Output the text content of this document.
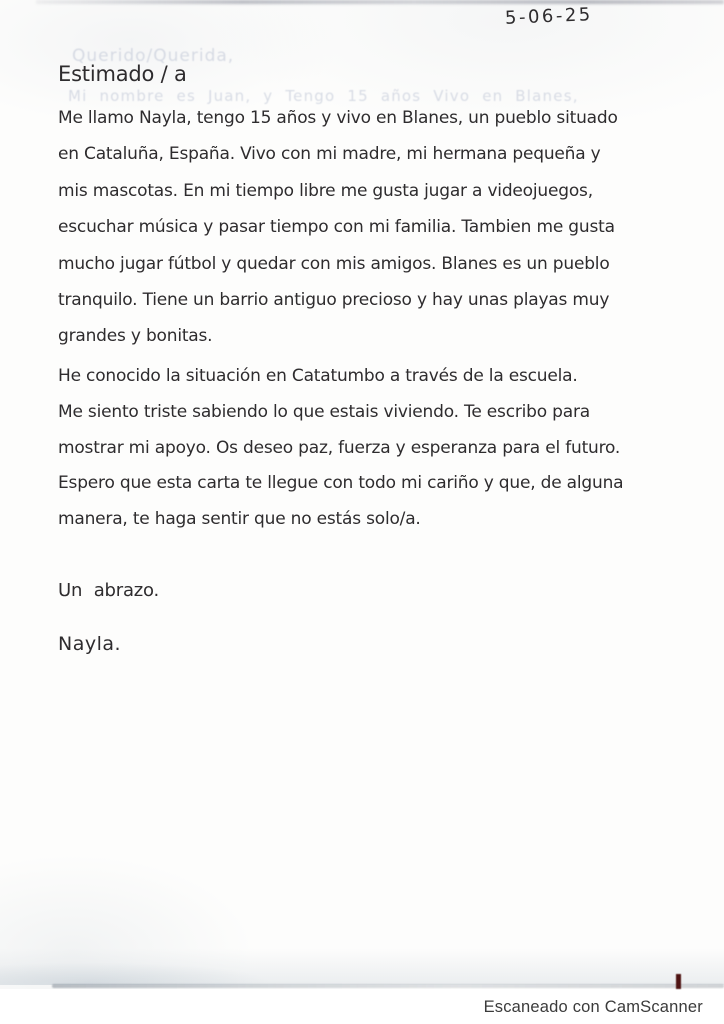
5-06-25
Querido/Querida,
Estimado / a
Mi nombre es Juan, y Tengo 15 años Vivo en Blanes,
Me llamo Nayla, tengo 15 años y vivo en Blanes, un pueblo situado
en Cataluña, España. Vivo con mi madre, mi hermana pequeña y
mis mascotas. En mi tiempo libre me gusta jugar a videojuegos,
escuchar música y pasar tiempo con mi familia. Tambien me gusta
mucho jugar fútbol y quedar con mis amigos. Blanes es un pueblo
tranquilo. Tiene un barrio antiguo precioso y hay unas playas muy
grandes y bonitas.
He conocido la situación en Catatumbo a través de la escuela.
Me siento triste sabiendo lo que estais viviendo. Te escribo para
mostrar mi apoyo. Os deseo paz, fuerza y esperanza para el futuro.
Espero que esta carta te llegue con todo mi cariño y que, de alguna
manera, te haga sentir que no estás solo/a.
Un abrazo.
Nayla.
Escaneado con CamScanner
